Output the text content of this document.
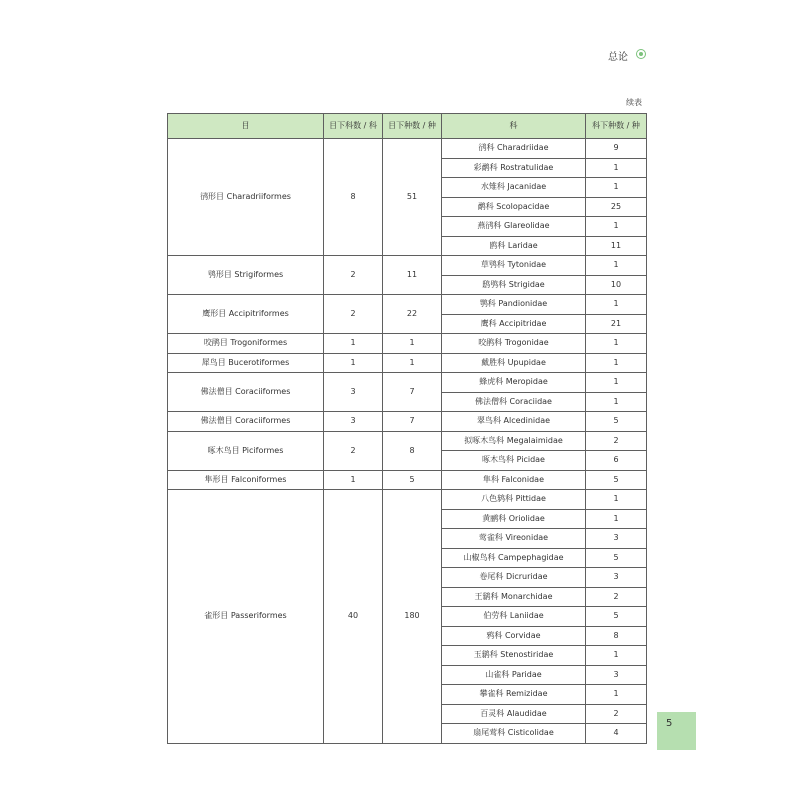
总论
续表
目	目下科数 / 科	目下种数 / 种	科	科下种数 / 种
鸻形目 Charadriiformes	8	51	鸻科 Charadriidae	9
			彩鹬科 Rostratulidae	1
			水雉科 Jacanidae	1
			鹬科 Scolopacidae	25
			燕鸻科 Glareolidae	1
			鸥科 Laridae	11
鸮形目 Strigiformes	2	11	草鸮科 Tytonidae	1
			鸱鸮科 Strigidae	10
鹰形目 Accipitriformes	2	22	鹗科 Pandionidae	1
			鹰科 Accipitridae	21
咬鹃目 Trogoniformes	1	1	咬鹃科 Trogonidae	1
犀鸟目 Bucerotiformes	1	1	戴胜科 Upupidae	1
佛法僧目 Coraciiformes	3	7	蜂虎科 Meropidae	1
			佛法僧科 Coraciidae	1
佛法僧目 Coraciiformes	3	7	翠鸟科 Alcedinidae	5
啄木鸟目 Piciformes	2	8	拟啄木鸟科 Megalaimidae	2
			啄木鸟科 Picidae	6
隼形目 Falconiformes	1	5	隼科 Falconidae	5
雀形目 Passeriformes	40	180	八色鸫科 Pittidae	1
			黄鹂科 Oriolidae	1
			莺雀科 Vireonidae	3
			山椒鸟科 Campephagidae	5
			卷尾科 Dicruridae	3
			王鹟科 Monarchidae	2
			伯劳科 Laniidae	5
			鸦科 Corvidae	8
			玉鹟科 Stenostiridae	1
			山雀科 Paridae	3
			攀雀科 Remizidae	1
			百灵科 Alaudidae	2
			扇尾莺科 Cisticolidae	4
5
